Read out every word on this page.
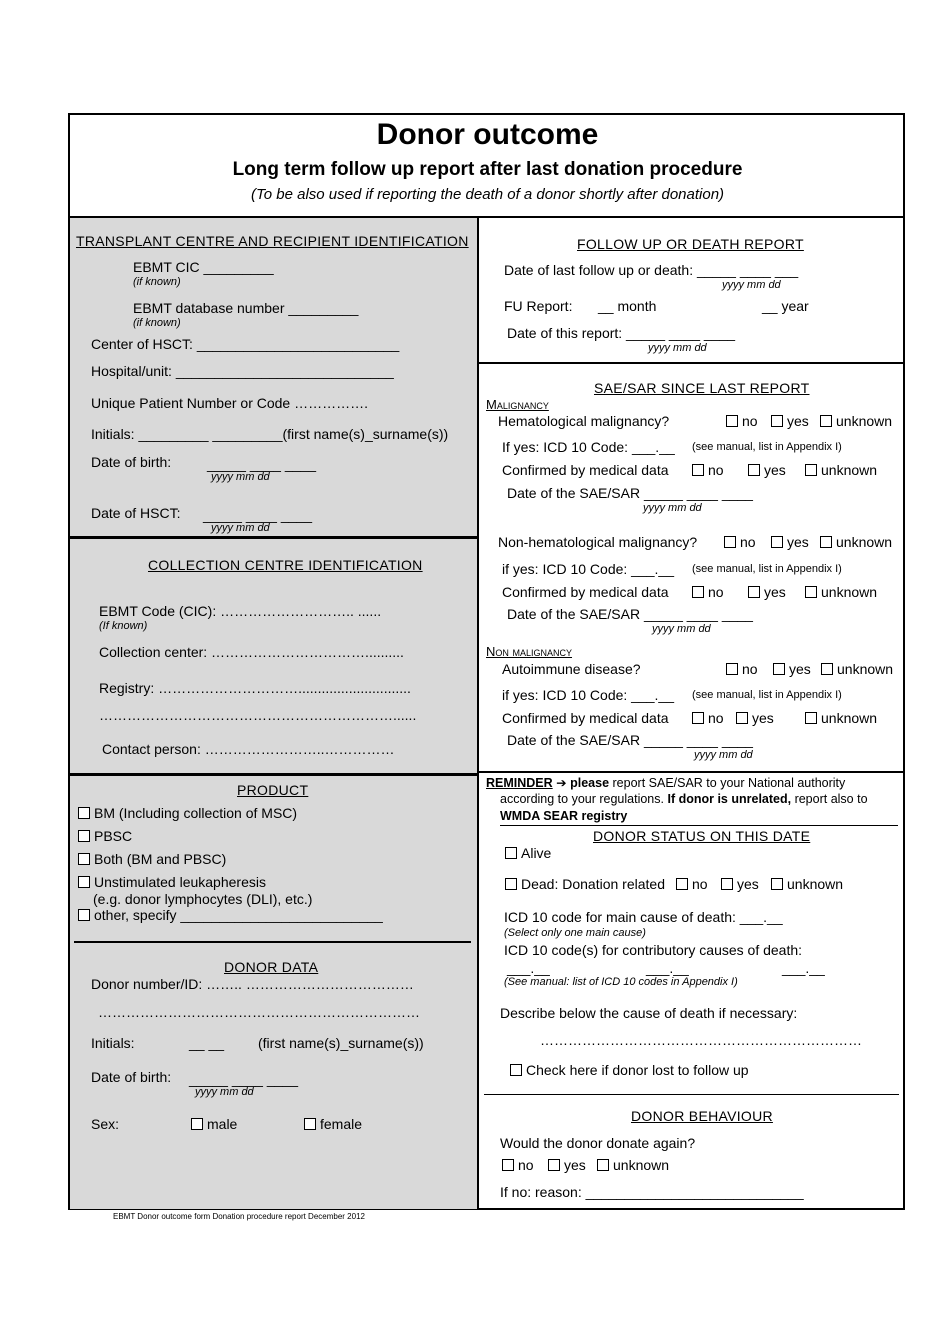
Donor outcome
Long term follow up report after last donation procedure
(To be also used if reporting the death of a donor shortly after donation)
TRANSPLANT CENTRE AND RECIPIENT IDENTIFICATION
EBMT CIC _________
(if known)
EBMT database number _________
(if known)
Center of HSCT: __________________________
Hospital/unit: ____________________________
Unique Patient Number or Code …………….
Initials: _________ _________(first name(s)_surname(s))
Date of birth:	_____ ____ ____
yyyy mm dd
Date of HSCT: _____ ____ ____
yyyy mm dd
COLLECTION CENTRE IDENTIFICATION
EBMT Code (CIC): ……………………….. ......
(If known)
Collection center: ……………………………..........
Registry: ………………………….............................
………………………………………………………......
Contact person: ……………………..……………
PRODUCT
BM (Including collection of MSC)
PBSC
Both (BM and PBSC)
Unstimulated leukapheresis
(e.g. donor lymphocytes (DLI), etc.)
other, specify __________________________
DONOR DATA
Donor number/ID: …….. ………………………………
……………………………………………………………
Initials:	__ __ (first name(s)_surname(s))
Date of birth: _____ ____ ____
yyyy mm dd
Sex:	male	female
FOLLOW UP OR DEATH REPORT
Date of last follow up or death: _____ ____ ___
yyyy mm dd
FU Report: __ month	__ year
Date of this report: _____ ____ ____
yyyy mm dd
SAE/SAR SINCE LAST REPORT
Malignancy
Hematological malignancy?	no	yes	unknown
If yes: ICD 10 Code: ___.__ (see manual, list in Appendix I)
Confirmed by medical data	no	yes	unknown
Date of the SAE/SAR _____ ____ ____
yyyy mm dd
Non-hematological malignancy?	no	yes	unknown
if yes: ICD 10 Code: ___.__ (see manual, list in Appendix I)
Confirmed by medical data	no	yes	unknown
Date of the SAE/SAR _____ ____ ____
yyyy mm dd
Non malignancy
Autoimmune disease?	no	yes	unknown
if yes: ICD 10 Code: ___.__ (see manual, list in Appendix I)
Confirmed by medical data	no	yes	unknown
Date of the SAE/SAR _____ ____ ____
yyyy mm dd
REMINDER ➔ please report SAE/SAR to your National authority
according to your regulations. If donor is unrelated, report also to
WMDA SEAR registry
DONOR STATUS ON THIS DATE
Alive
Dead: Donation related	no	yes	unknown
ICD 10 code for main cause of death: ___.__
(Select only one main cause)
ICD 10 code(s) for contributory causes of death:
___.__	___.__	___.__
(See manual: list of ICD 10 codes in Appendix I)
Describe below the cause of death if necessary:
……………………………………………………………
Check here if donor lost to follow up
DONOR BEHAVIOUR
Would the donor donate again?
no	yes	unknown
If no: reason: ____________________________
EBMT Donor outcome form Donation procedure report December 2012
